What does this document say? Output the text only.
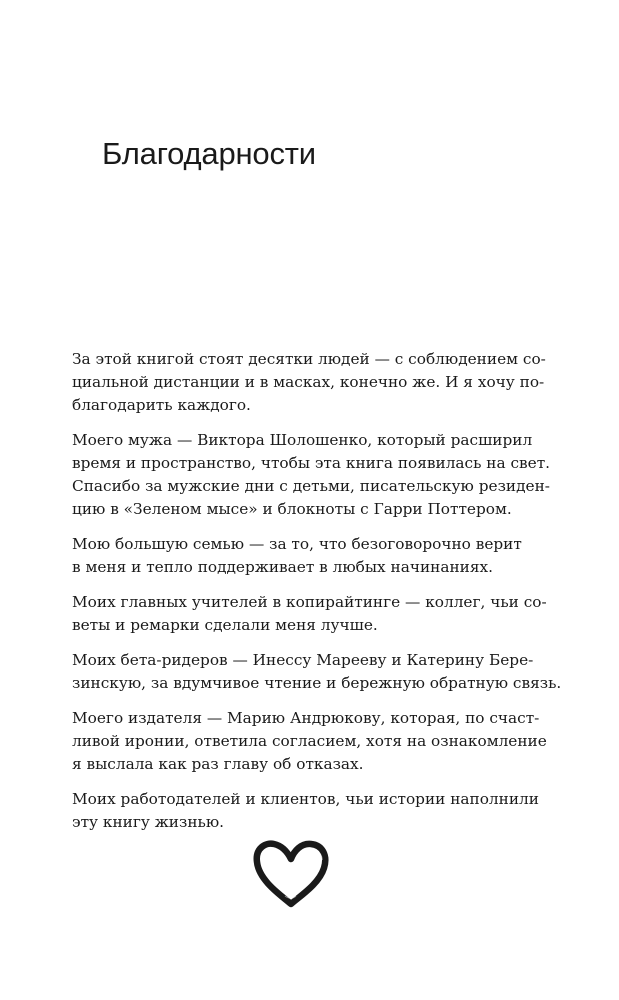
Благодарности

За этой книгой стоят десятки людей — с соблюдением со-
циальной дистанции и в масках, конечно же. И я хочу по-
благодарить каждого.

Моего мужа — Виктора Шолошенко, который расширил
время и пространство, чтобы эта книга появилась на свет.
Спасибо за мужские дни с детьми, писательскую резиден-
цию в «Зеленом мысе» и блокноты с Гарри Поттером.

Мою большую семью — за то, что безоговорочно верит
в меня и тепло поддерживает в любых начинаниях.

Моих главных учителей в копирайтинге — коллег, чьи со-
веты и ремарки сделали меня лучше.

Моих бета-ридеров — Инессу Марееву и Катерину Бере-
зинскую, за вдумчивое чтение и бережную обратную связь.

Моего издателя — Марию Андрюкову, которая, по счаст-
ливой иронии, ответила согласием, хотя на ознакомление
я выслала как раз главу об отказах.

Моих работодателей и клиентов, чьи истории наполнили
эту книгу жизнью.
